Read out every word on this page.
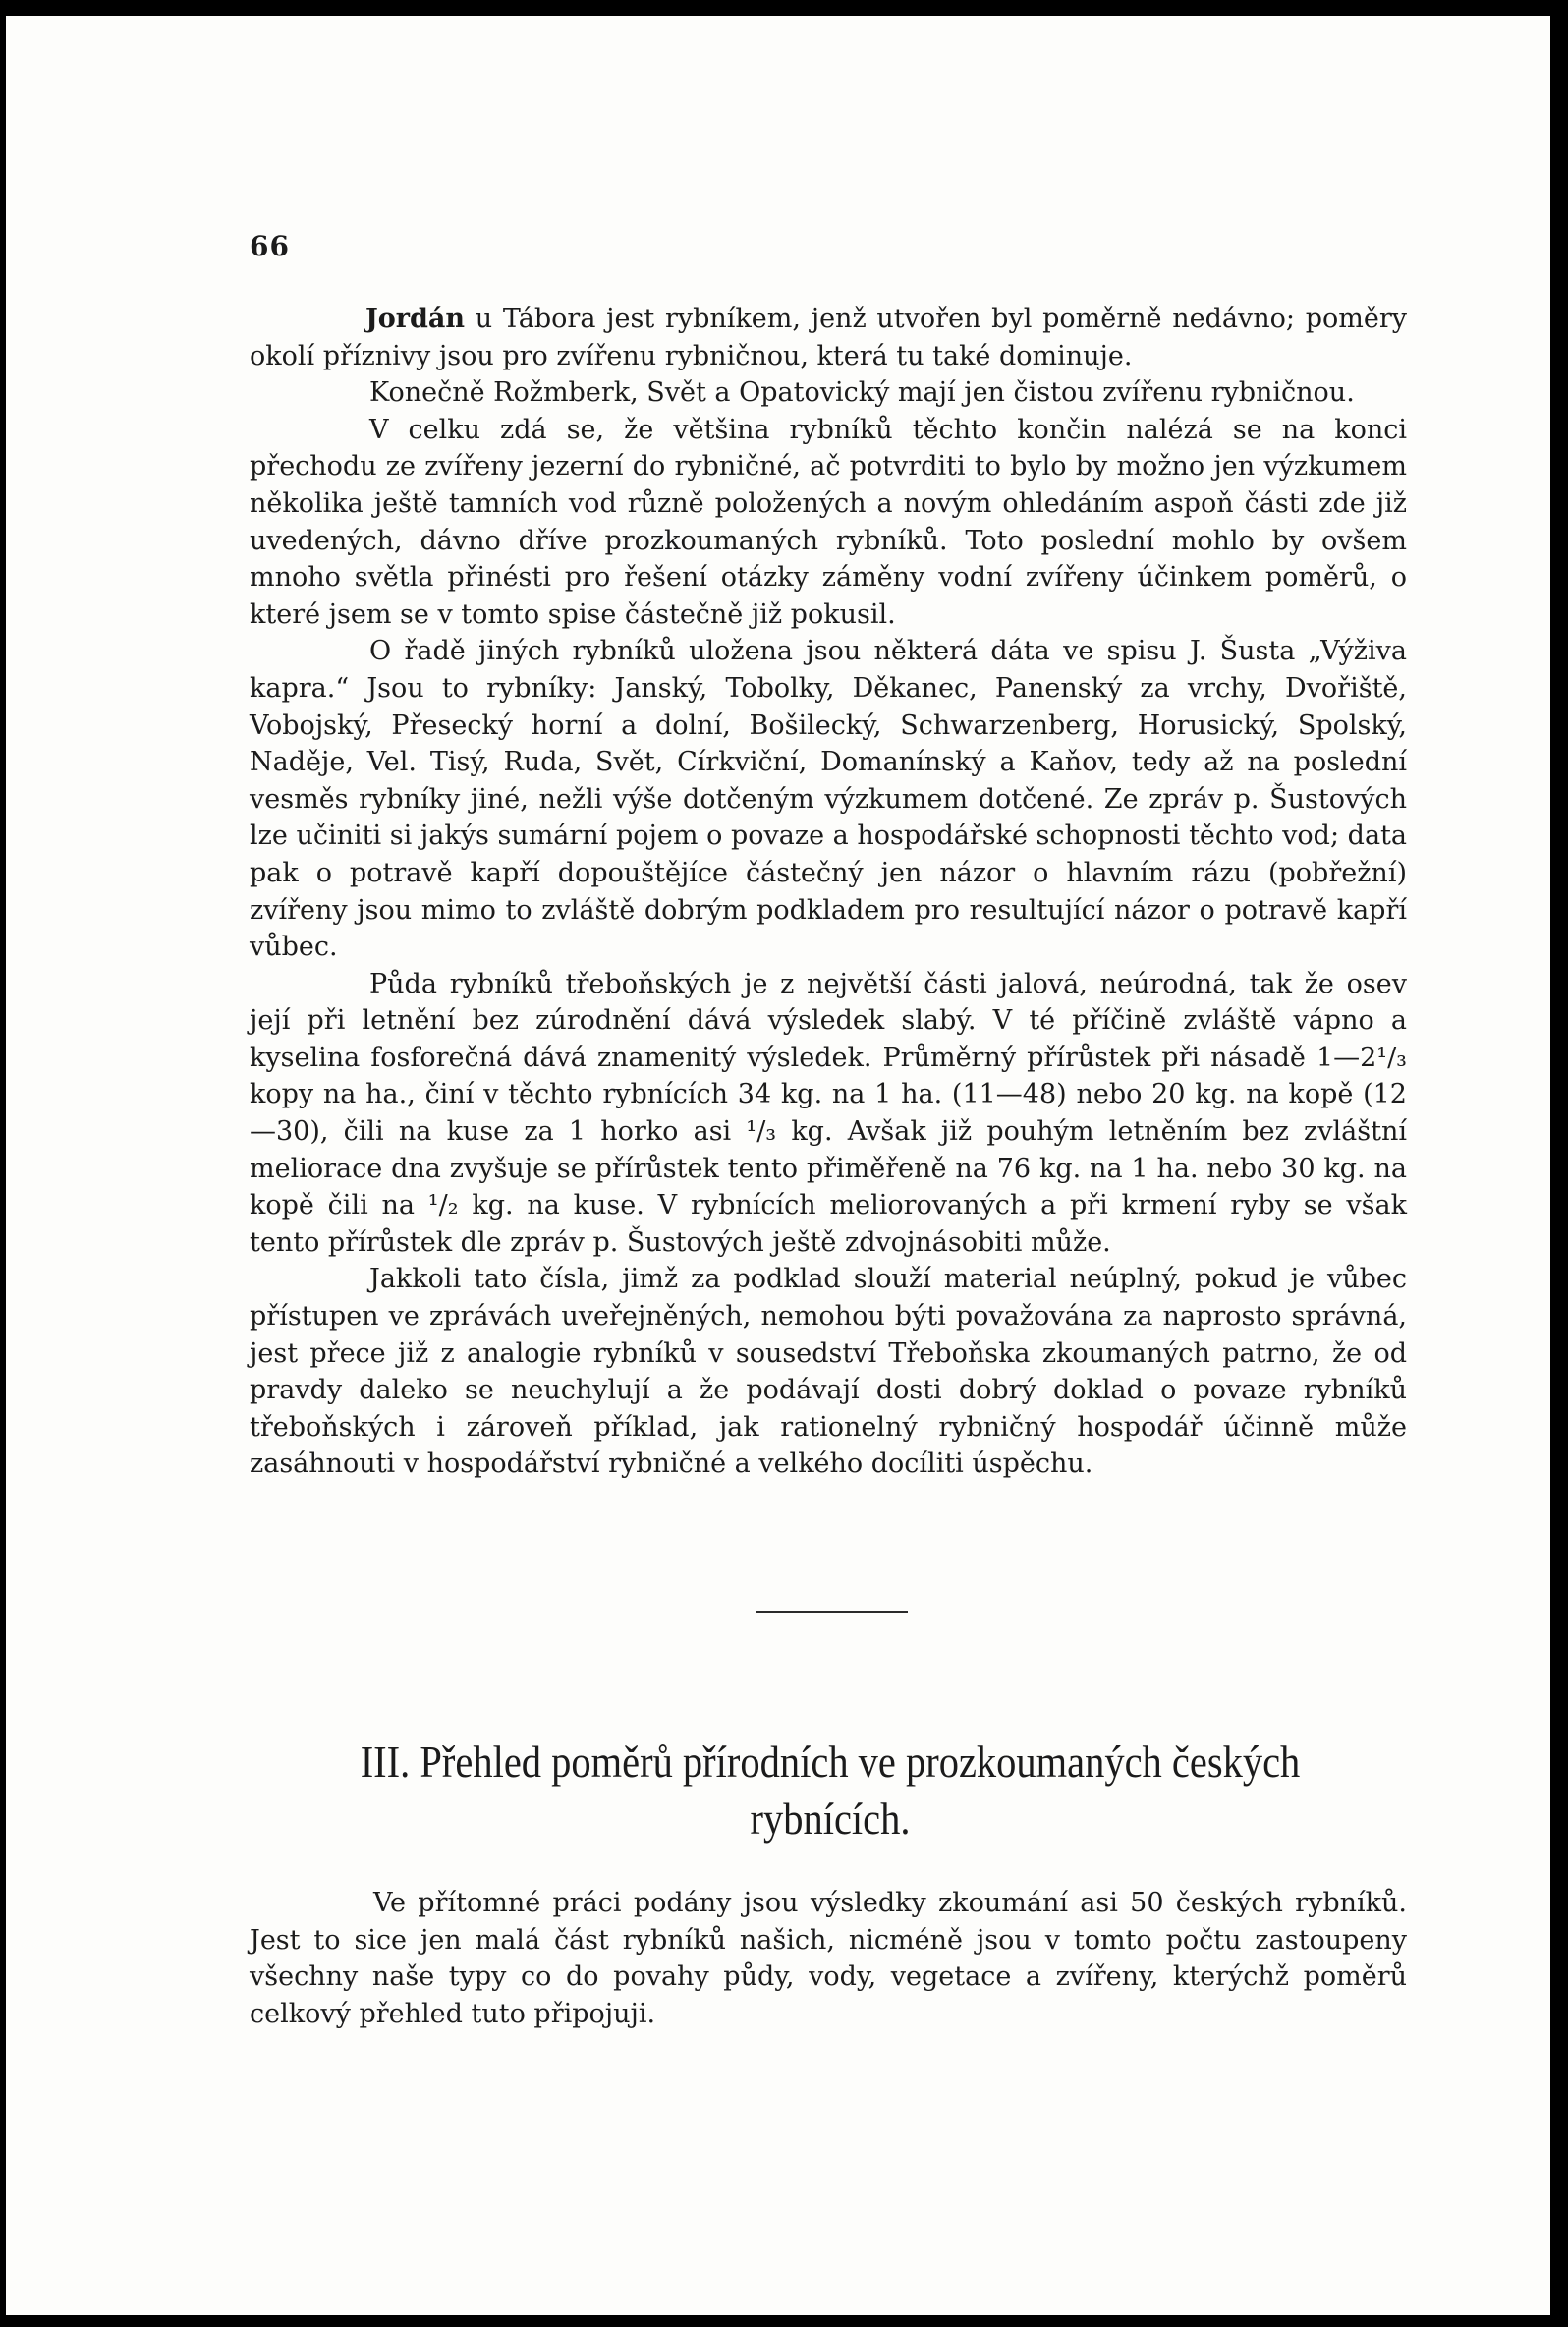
66

Jordán u Tábora jest rybníkem, jenž utvořen byl poměrně nedávno; poměry okolí příznivy jsou pro zvířenu rybničnou, která tu také dominuje.

Konečně Rožmberk, Svět a Opatovický mají jen čistou zvířenu rybničnou.

V celku zdá se, že většina rybníků těchto končin nalézá se na konci přechodu ze zvířeny jezerní do rybničné, ač potvrditi to bylo by možno jen výzkumem několika ještě tamních vod různě položených a novým ohledáním aspoň části zde již uvedených, dávno dříve prozkoumaných rybníků. Toto poslední mohlo by ovšem mnoho světla přinésti pro řešení otázky záměny vodní zvířeny účinkem poměrů, o které jsem se v tomto spise částečně již pokusil.

O řadě jiných rybníků uložena jsou některá dáta ve spisu J. Šusta „Výživa kapra.“ Jsou to rybníky: Janský, Tobolky, Děkanec, Panenský za vrchy, Dvořiště, Vobojský, Přesecký horní a dolní, Bošilecký, Schwarzenberg, Horusický, Spolský, Naděje, Vel. Tisý, Ruda, Svět, Církviční, Domanínský a Kaňov, tedy až na poslední vesměs rybníky jiné, nežli výše dotčeným výzkumem dotčené. Ze zpráv p. Šustových lze učiniti si jakýs sumární pojem o povaze a hospodářské schopnosti těchto vod; data pak o potravě kapří dopouštějíce částečný jen názor o hlavním rázu (pobřežní) zvířeny jsou mimo to zvláště dobrým podkladem pro resultující názor o potravě kapří vůbec.

Půda rybníků třeboňských je z největší části jalová, neúrodná, tak že osev její při letnění bez zúrodnění dává výsledek slabý. V té příčině zvláště vápno a kyselina fosforečná dává znamenitý výsledek. Průměrný přírůstek při násadě 1—2¹/₃ kopy na ha., činí v těchto rybnících 34 kg. na 1 ha. (11—48) nebo 20 kg. na kopě (12—30), čili na kuse za 1 horko asi ¹/₃ kg. Avšak již pouhým letněním bez zvláštní meliorace dna zvyšuje se přírůstek tento přiměřeně na 76 kg. na 1 ha. nebo 30 kg. na kopě čili na ¹/₂ kg. na kuse. V rybnících meliorovaných a při krmení ryby se však tento přírůstek dle zpráv p. Šustových ještě zdvojnásobiti může.

Jakkoli tato čísla, jimž za podklad slouží material neúplný, pokud je vůbec přístupen ve zprávách uveřejněných, nemohou býti považována za naprosto správná, jest přece již z analogie rybníků v sousedství Třeboňska zkoumaných patrno, že od pravdy daleko se neuchylují a že podávají dosti dobrý doklad o povaze rybníků třeboňských i zároveň příklad, jak rationelný rybničný hospodář účinně může zasáhnouti v hospodářství rybničné a velkého docíliti úspěchu.

III. Přehled poměrů přírodních ve prozkoumaných českých rybnících.

Ve přítomné práci podány jsou výsledky zkoumání asi 50 českých rybníků. Jest to sice jen malá část rybníků našich, nicméně jsou v tomto počtu zastoupeny všechny naše typy co do povahy půdy, vody, vegetace a zvířeny, kterýchž poměrů celkový přehled tuto připojuji.
